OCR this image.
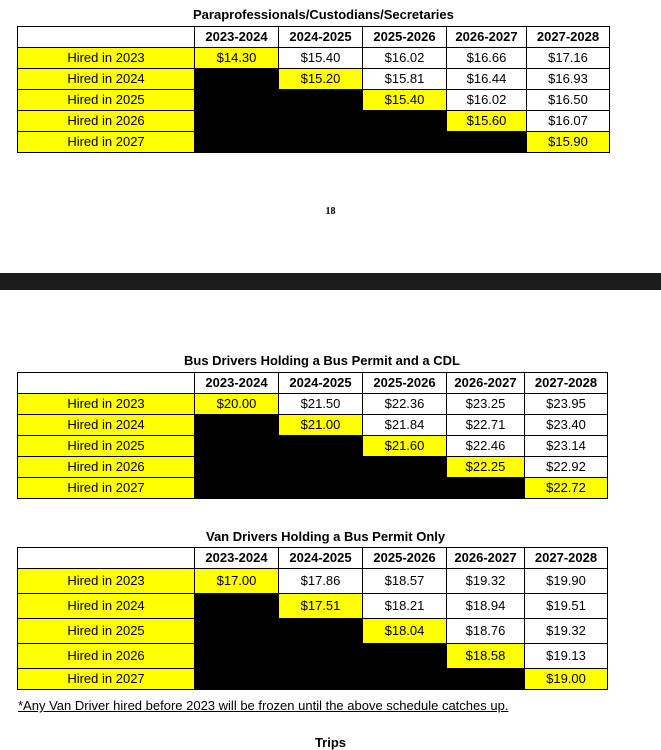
Paraprofessionals/Custodians/Secretaries
	2023-2024	2024-2025	2025-2026	2026-2027	2027-2028
Hired in 2023	$14.30	$15.40	$16.02	$16.66	$17.16
Hired in 2024		$15.20	$15.81	$16.44	$16.93
Hired in 2025			$15.40	$16.02	$16.50
Hired in 2026				$15.60	$16.07
Hired in 2027					$15.90
18
Bus Drivers Holding a Bus Permit and a CDL
	2023-2024	2024-2025	2025-2026	2026-2027	2027-2028
Hired in 2023	$20.00	$21.50	$22.36	$23.25	$23.95
Hired in 2024		$21.00	$21.84	$22.71	$23.40
Hired in 2025			$21.60	$22.46	$23.14
Hired in 2026				$22.25	$22.92
Hired in 2027					$22.72
Van Drivers Holding a Bus Permit Only
	2023-2024	2024-2025	2025-2026	2026-2027	2027-2028
Hired in 2023	$17.00	$17.86	$18.57	$19.32	$19.90
Hired in 2024		$17.51	$18.21	$18.94	$19.51
Hired in 2025			$18.04	$18.76	$19.32
Hired in 2026				$18.58	$19.13
Hired in 2027					$19.00
*Any Van Driver hired before 2023 will be frozen until the above schedule catches up.
Trips
